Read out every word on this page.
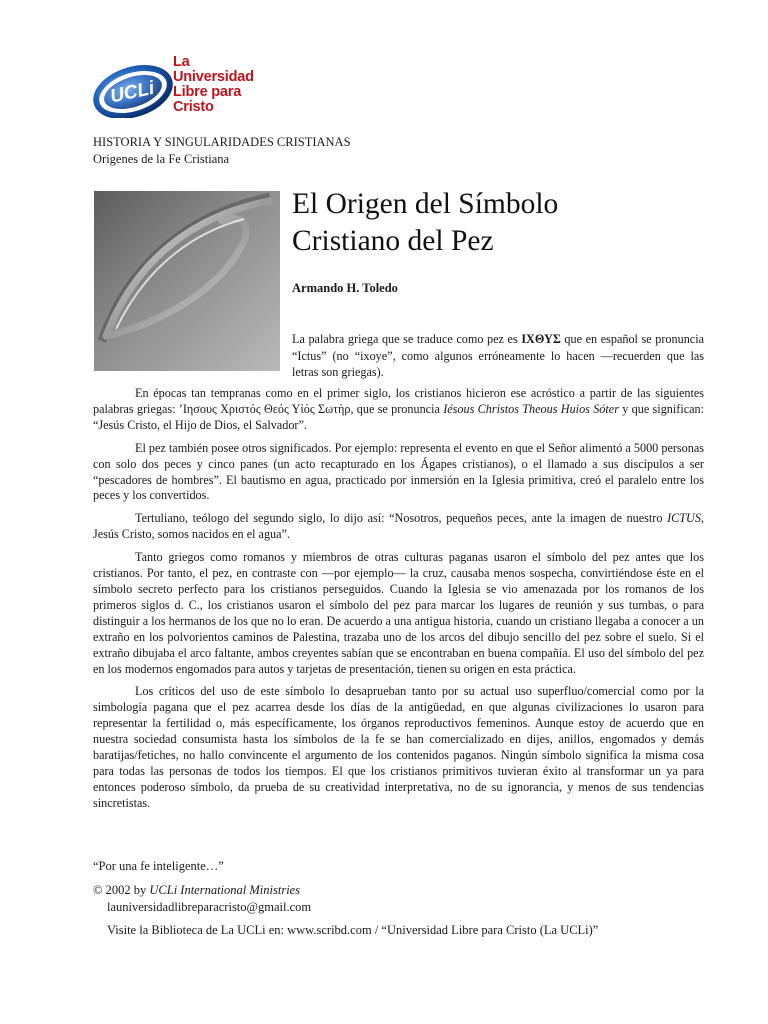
UCLi
La
Universidad
Libre para
Cristo
HISTORIA Y SINGULARIDADES CRISTIANAS
Origenes de la Fe Cristiana
El Origen del Símbolo
Cristiano del Pez
Armando H. Toledo

La palabra griega que se traduce como pez es ΙΧΘΥΣ que en español se pronuncia “Ictus” (no “ixoye”, como algunos erróneamente lo hacen —recuerden que las letras son griegas).

En épocas tan tempranas como en el primer siglo, los cristianos hicieron ese acróstico a partir de las siguientes palabras griegas: ʼΙησους Χριστός Θεός Υἱός Σωτὴρ, que se pronuncia Iésous Christos Theous Huios Sóter y que significan: “Jesús Cristo, el Hijo de Dios, el Salvador”.

El pez también posee otros significados. Por ejemplo: representa el evento en que el Señor alimentó a 5000 personas con solo dos peces y cinco panes (un acto recapturado en los Ágapes cristianos), o el llamado a sus discípulos a ser “pescadores de hombres”. El bautismo en agua, practicado por inmersión en la Iglesia primitiva, creó el paralelo entre los peces y los convertidos.

Tertuliano, teólogo del segundo siglo, lo dijo así: “Nosotros, pequeños peces, ante la imagen de nuestro ICTUS, Jesús Cristo, somos nacidos en el agua”.

Tanto griegos como romanos y miembros de otras culturas paganas usaron el símbolo del pez antes que los cristianos. Por tanto, el pez, en contraste con —por ejemplo— la cruz, causaba menos sospecha, convirtiéndose éste en el símbolo secreto perfecto para los cristianos perseguidos. Cuando la Iglesia se vio amenazada por los romanos de los primeros siglos d. C., los cristianos usaron el símbolo del pez para marcar los lugares de reunión y sus tumbas, o para distinguir a los hermanos de los que no lo eran. De acuerdo a una antigua historia, cuando un cristiano llegaba a conocer a un extraño en los polvorientos caminos de Palestina, trazaba uno de los arcos del dibujo sencillo del pez sobre el suelo. Si el extraño dibujaba el arco faltante, ambos creyentes sabían que se encontraban en buena compañía. El uso del símbolo del pez en los modernos engomados para autos y tarjetas de presentación, tienen su origen en esta práctica.

Los críticos del uso de este símbolo lo desaprueban tanto por su actual uso superfluo/comercial como por la simbología pagana que el pez acarrea desde los días de la antigüedad, en que algunas civilizaciones lo usaron para representar la fertilidad o, más específicamente, los órganos reproductivos femeninos. Aunque estoy de acuerdo que en nuestra sociedad consumista hasta los símbolos de la fe se han comercializado en dijes, anillos, engomados y demás baratijas/fetiches, no hallo convincente el argumento de los contenidos paganos. Ningún símbolo significa la misma cosa para todas las personas de todos los tiempos. El que los cristianos primitivos tuvieran éxito al transformar un ya para entonces poderoso símbolo, da prueba de su creatividad interpretativa, no de su ignorancia, y menos de sus tendencias sincretistas.

“Por una fe inteligente…”
© 2002 by UCLi International Ministries
launiversidadlibreparacristo@gmail.com
Visite la Biblioteca de La UCLi en: www.scribd.com / “Universidad Libre para Cristo (La UCLi)”
